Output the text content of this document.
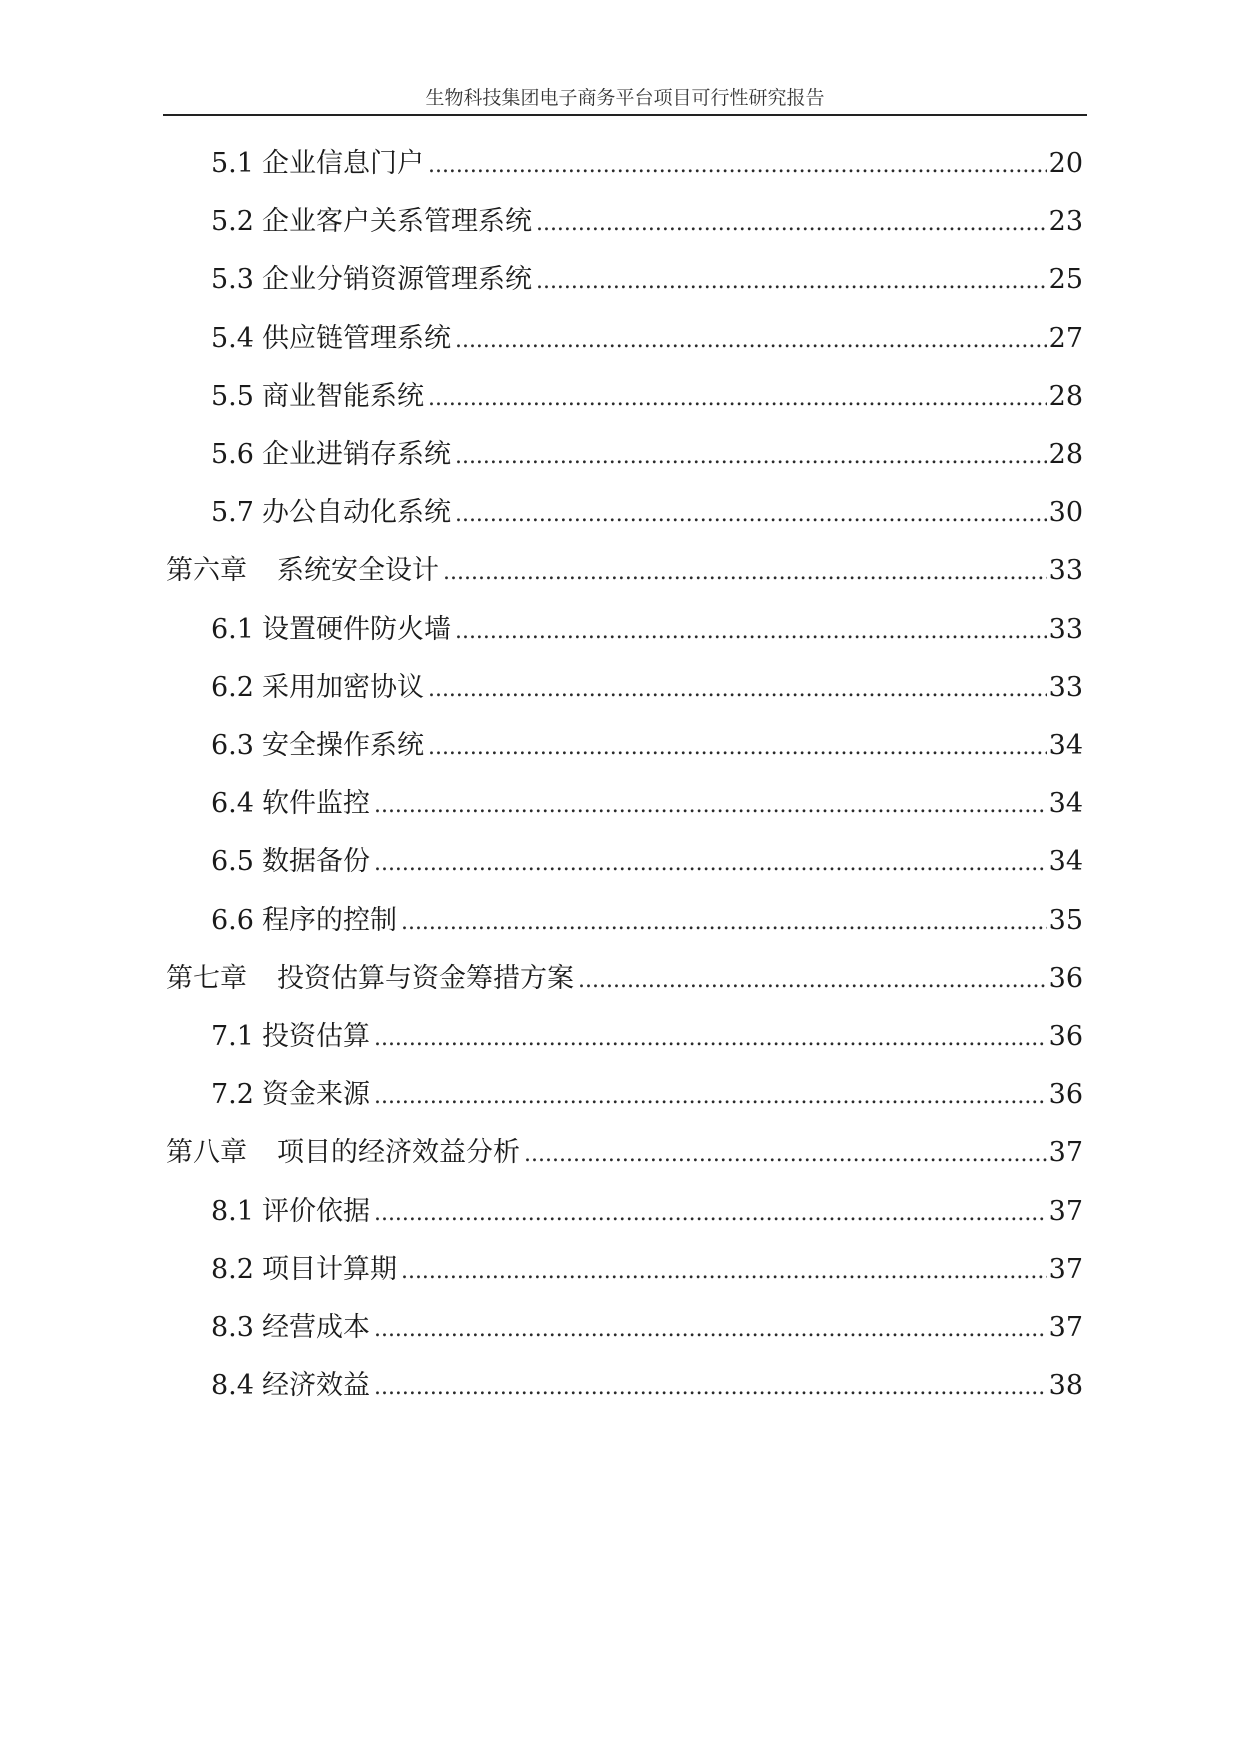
生物科技集团电子商务平台项目可行性研究报告
5.1 企业信息门户 .....	20
5.2 企业客户关系管理系统 .....	23
5.3 企业分销资源管理系统 .....	25
5.4 供应链管理系统 .....	27
5.5 商业智能系统 .....	28
5.6 企业进销存系统 .....	28
5.7 办公自动化系统 .....	30
第六章 系统安全设计 .....	33
6.1 设置硬件防火墙 .....	33
6.2 采用加密协议 .....	33
6.3 安全操作系统 .....	34
6.4 软件监控 .....	34
6.5 数据备份 .....	34
6.6 程序的控制 .....	35
第七章 投资估算与资金筹措方案 .....	36
7.1 投资估算 .....	36
7.2 资金来源 .....	36
第八章 项目的经济效益分析 .....	37
8.1 评价依据 .....	37
8.2 项目计算期 .....	37
8.3 经营成本 .....	37
8.4 经济效益 .....	38
